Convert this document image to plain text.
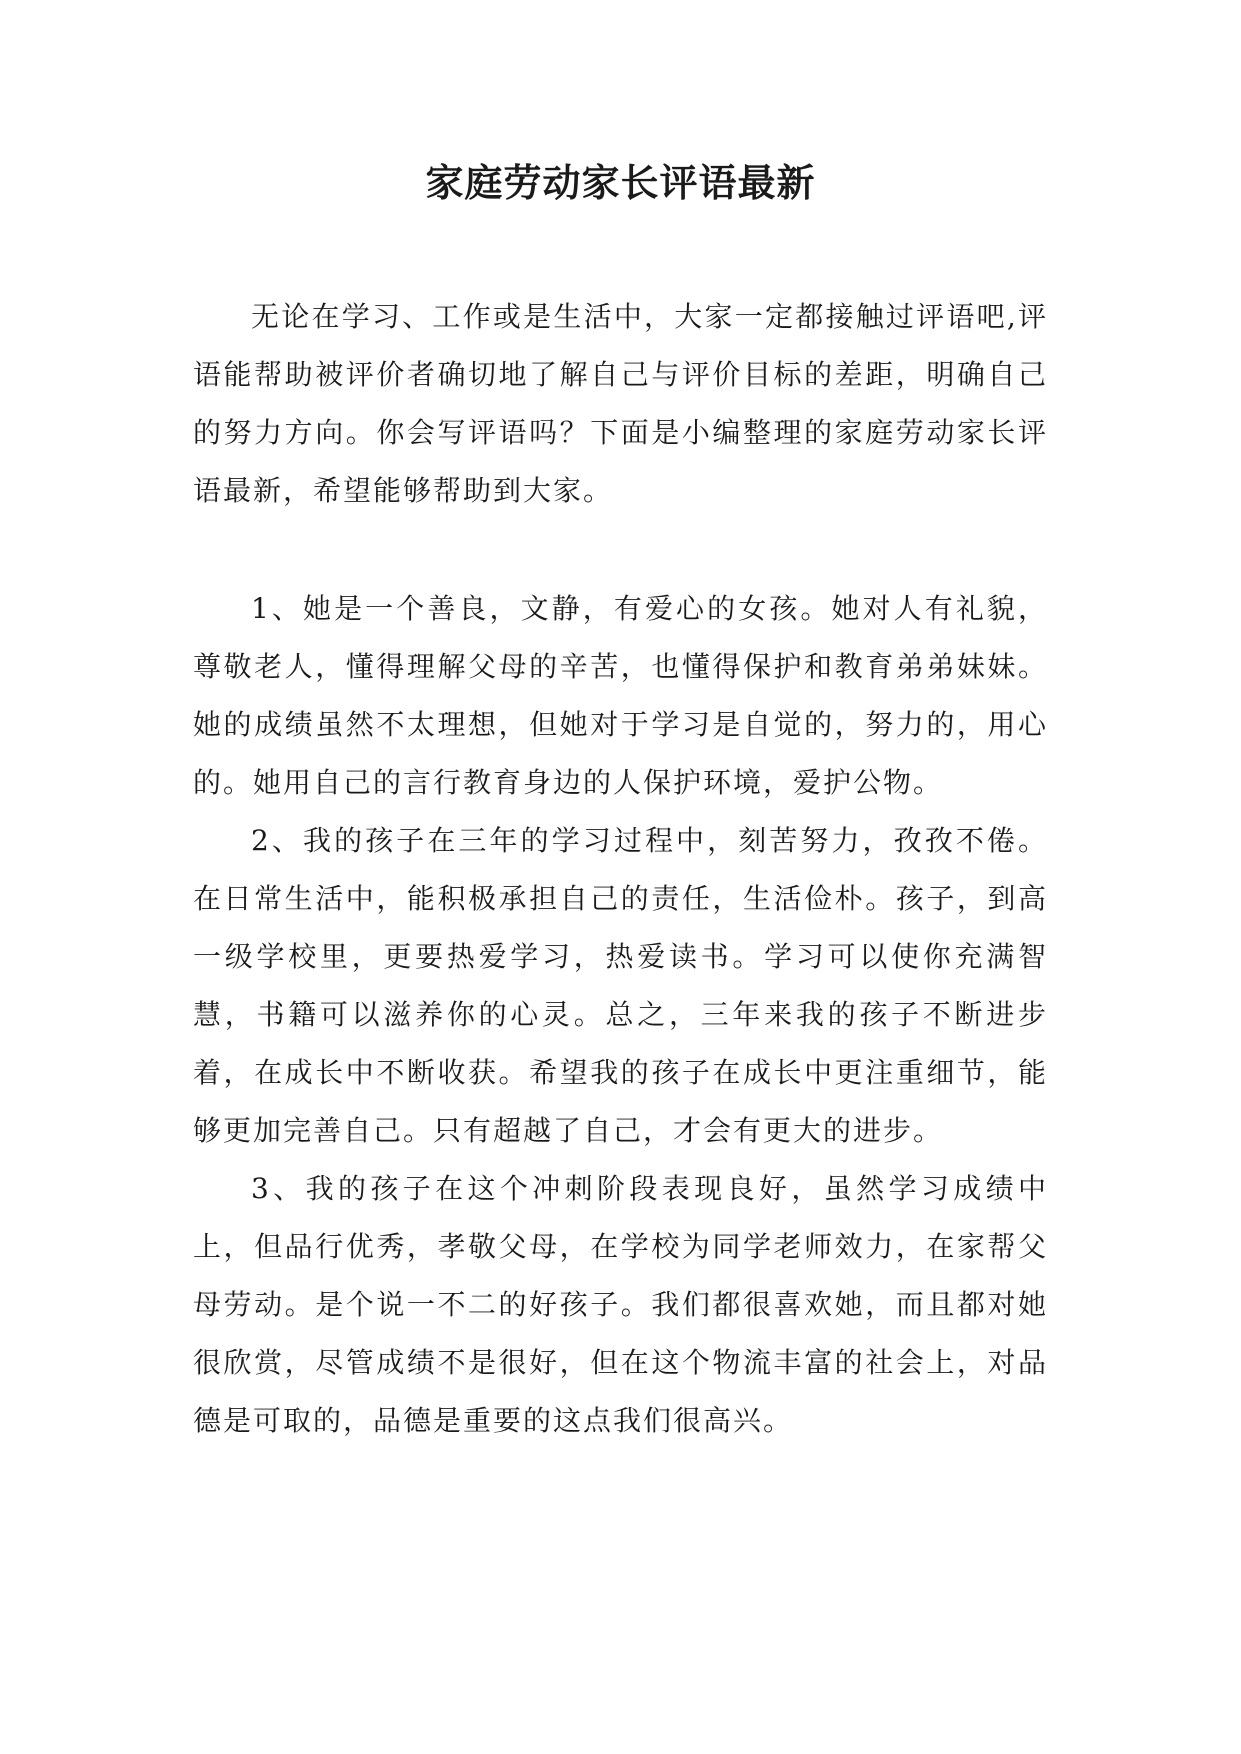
家庭劳动家长评语最新

无论在学习、工作或是生活中，大家一定都接触过评语吧,评语能帮助被评价者确切地了解自己与评价目标的差距，明确自己的努力方向。你会写评语吗？下面是小编整理的家庭劳动家长评语最新，希望能够帮助到大家。

1、她是一个善良，文静，有爱心的女孩。她对人有礼貌，尊敬老人，懂得理解父母的辛苦，也懂得保护和教育弟弟妹妹。她的成绩虽然不太理想，但她对于学习是自觉的，努力的，用心的。她用自己的言行教育身边的人保护环境，爱护公物。

2、我的孩子在三年的学习过程中，刻苦努力，孜孜不倦。在日常生活中，能积极承担自己的责任，生活俭朴。孩子，到高一级学校里，更要热爱学习，热爱读书。学习可以使你充满智慧，书籍可以滋养你的心灵。总之，三年来我的孩子不断进步着，在成长中不断收获。希望我的孩子在成长中更注重细节，能够更加完善自己。只有超越了自己，才会有更大的进步。

3、我的孩子在这个冲刺阶段表现良好，虽然学习成绩中上，但品行优秀，孝敬父母，在学校为同学老师效力，在家帮父母劳动。是个说一不二的好孩子。我们都很喜欢她，而且都对她很欣赏，尽管成绩不是很好，但在这个物流丰富的社会上，对品德是可取的，品德是重要的这点我们很高兴。
